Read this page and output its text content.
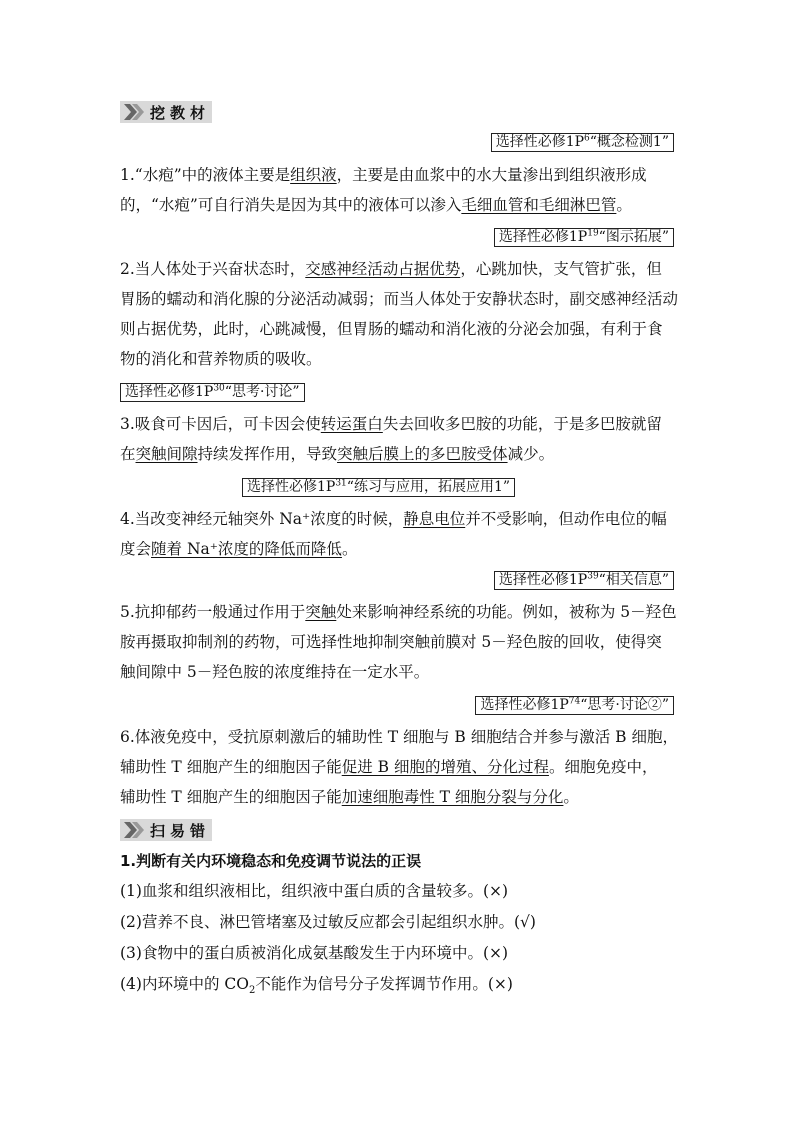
挖教材
选择性必修$1P^6“$概念检测1”
1.“水疱”中的液体主要是组织液，主要是由血浆中的水大量渗出到组织液形成
的，“水疱”可自行消失是因为其中的液体可以渗入毛细血管和毛细淋巴管。
选择性必修$1P^{19}“$图示拓展”
2.当人体处于兴奋状态时，交感神经活动占据优势，心跳加快，支气管扩张，但
胃肠的蠕动和消化腺的分泌活动减弱；而当人体处于安静状态时，副交感神经活动
则占据优势，此时，心跳减慢，但胃肠的蠕动和消化液的分泌会加强，有利于食
物的消化和营养物质的吸收。
选择性必修$1P^{30}“$思考·讨论”
3.吸食可卡因后，可卡因会使转运蛋白失去回收多巴胺的功能，于是多巴胺就留
在突触间隙持续发挥作用，导致突触后膜上的多巴胺受体减少。
选择性必修$1P^{31}“$练习与应用，拓展应用1”
4.当改变神经元轴突外 Na⁺浓度的时候，静息电位并不受影响，但动作电位的幅
度会随着 Na⁺浓度的降低而降低。
选择性必修$1P^{39}“$相关信息”
5.抗抑郁药一般通过作用于突触处来影响神经系统的功能。例如，被称为 5－羟色
胺再摄取抑制剂的药物，可选择性地抑制突触前膜对 5－羟色胺的回收，使得突
触间隙中 5－羟色胺的浓度维持在一定水平。
选择性必修$1P^{74}“$思考·讨论②”
6.体液免疫中，受抗原刺激后的辅助性 T 细胞与 B 细胞结合并参与激活 B 细胞，
辅助性 T 细胞产生的细胞因子能促进 B 细胞的增殖、分化过程。细胞免疫中，
辅助性 T 细胞产生的细胞因子能加速细胞毒性 T 细胞分裂与分化。
扫易错
1.判断有关内环境稳态和免疫调节说法的正误
(1)血浆和组织液相比，组织液中蛋白质的含量较多。(×)
(2)营养不良、淋巴管堵塞及过敏反应都会引起组织水肿。(√)
(3)食物中的蛋白质被消化成氨基酸发生于内环境中。(×)
(4)内环境中的 $CO_2$不能作为信号分子发挥调节作用。(×)
